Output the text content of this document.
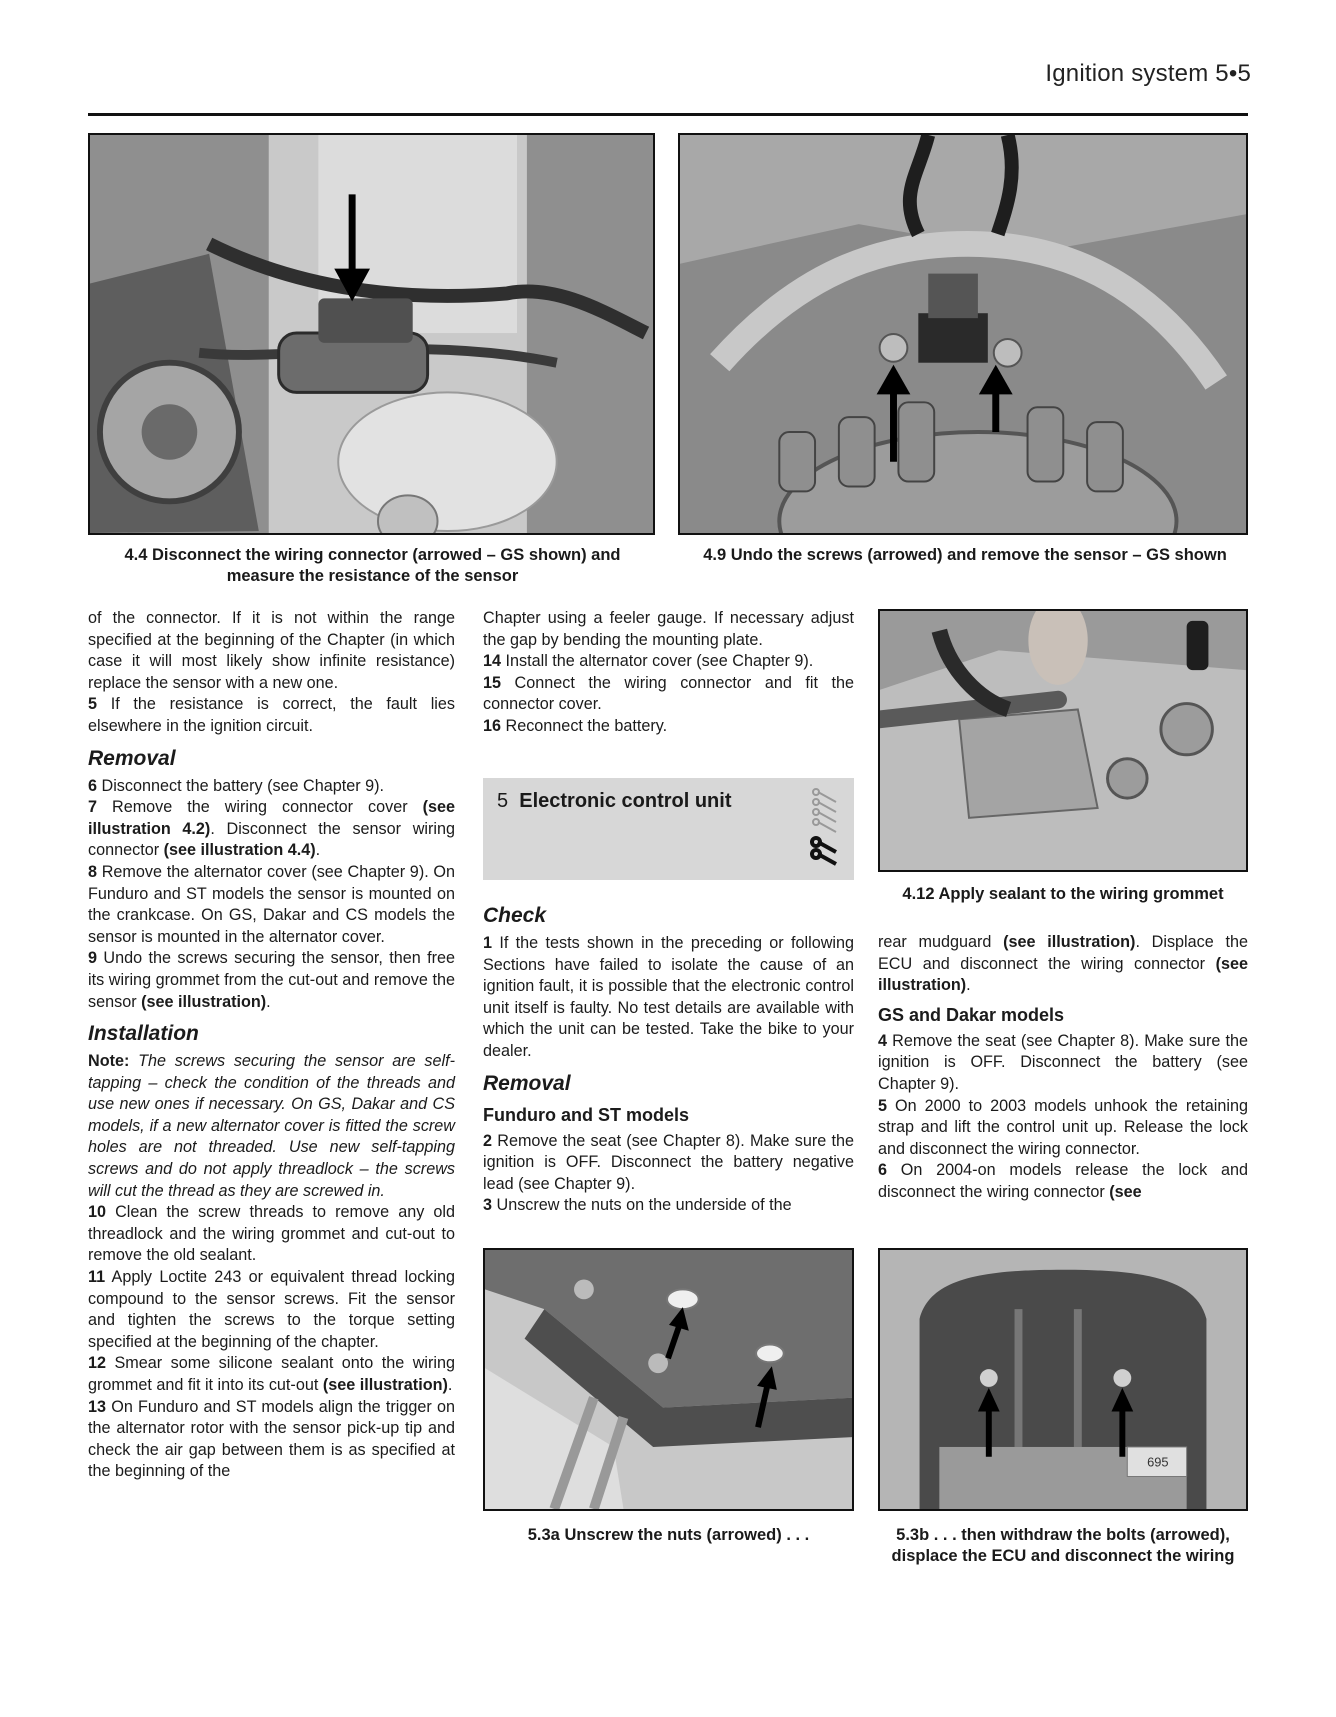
Ignition system 5•5
4.4 Disconnect the wiring connector (arrowed – GS shown) and measure the resistance of the sensor
4.9 Undo the screws (arrowed) and remove the sensor – GS shown

of the connector. If it is not within the range specified at the beginning of the Chapter (in which case it will most likely show infinite resistance) replace the sensor with a new one.

5 If the resistance is correct, the fault lies elsewhere in the ignition circuit.

Removal

6 Disconnect the battery (see Chapter 9).

7 Remove the wiring connector cover (see illustration 4.2). Disconnect the sensor wiring connector (see illustration 4.4).

8 Remove the alternator cover (see Chapter 9). On Funduro and ST models the sensor is mounted on the crankcase. On GS, Dakar and CS models the sensor is mounted in the alternator cover.

9 Undo the screws securing the sensor, then free its wiring grommet from the cut-out and remove the sensor (see illustration).

Installation

Note: The screws securing the sensor are self-tapping – check the condition of the threads and use new ones if necessary. On GS, Dakar and CS models, if a new alternator cover is fitted the screw holes are not threaded. Use new self-tapping screws and do not apply threadlock – the screws will cut the thread as they are screwed in.

10 Clean the screw threads to remove any old threadlock and the wiring grommet and cut-out to remove the old sealant.

11 Apply Loctite 243 or equivalent thread locking compound to the sensor screws. Fit the sensor and tighten the screws to the torque setting specified at the beginning of the chapter.

12 Smear some silicone sealant onto the wiring grommet and fit it into its cut-out (see illustration).

13 On Funduro and ST models align the trigger on the alternator rotor with the sensor pick-up tip and check the air gap between them is as specified at the beginning of the

Chapter using a feeler gauge. If necessary adjust the gap by bending the mounting plate.

14 Install the alternator cover (see Chapter 9).

15 Connect the wiring connector and fit the connector cover.

16 Reconnect the battery.

5 Electronic control unit
Check

1 If the tests shown in the preceding or following Sections have failed to isolate the cause of an ignition fault, it is possible that the electronic control unit itself is faulty. No test details are available with which the unit can be tested. Take the bike to your dealer.

Removal
Funduro and ST models

2 Remove the seat (see Chapter 8). Make sure the ignition is OFF. Disconnect the battery negative lead (see Chapter 9).

3 Unscrew the nuts on the underside of the

4.12 Apply sealant to the wiring grommet

rear mudguard (see illustration). Displace the ECU and disconnect the wiring connector (see illustration).

GS and Dakar models

4 Remove the seat (see Chapter 8). Make sure the ignition is OFF. Disconnect the battery (see Chapter 9).

5 On 2000 to 2003 models unhook the retaining strap and lift the control unit up. Release the lock and disconnect the wiring connector.

6 On 2004-on models release the lock and disconnect the wiring connector (see

5.3a Unscrew the nuts (arrowed) . . .
695
5.3b . . . then withdraw the bolts (arrowed), displace the ECU and disconnect the wiring
